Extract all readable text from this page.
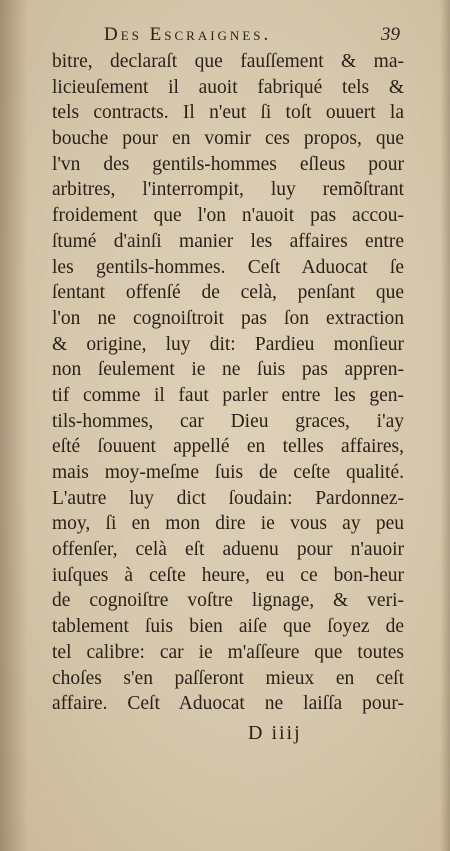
Des Escraignes.	39
bitre, declaraſt que fauſſement & ma-
licieuſement il auoit fabriqué tels &
tels contracts. Il n'eut ſi toſt ouuert la
bouche pour en vomir ces propos, que
l'vn des gentils-hommes eſleus pour
arbitres, l'interrompit, luy remõſtrant
froidement que l'on n'auoit pas accou-
ſtumé d'ainſi manier les affaires entre
les gentils-hommes. Ceſt Aduocat ſe
ſentant offenſé de celà, penſant que
l'on ne cognoiſtroit pas ſon extraction
& origine, luy dit: Pardieu monſieur
non ſeulement ie ne ſuis pas appren-
tif comme il faut parler entre les gen-
tils-hommes, car Dieu graces, i'ay
eſté ſouuent appellé en telles affaires,
mais moy-meſme ſuis de ceſte qualité.
L'autre luy dict ſoudain: Pardonnez-
moy, ſi en mon dire ie vous ay peu
offenſer, celà eſt aduenu pour n'auoir
iuſques à ceſte heure, eu ce bon-heur
de cognoiſtre voſtre lignage, & veri-
tablement ſuis bien aiſe que ſoyez de
tel calibre: car ie m'aſſeure que toutes
choſes s'en paſſeront mieux en ceſt
affaire. Ceſt Aduocat ne laiſſa pour-
D iiij
